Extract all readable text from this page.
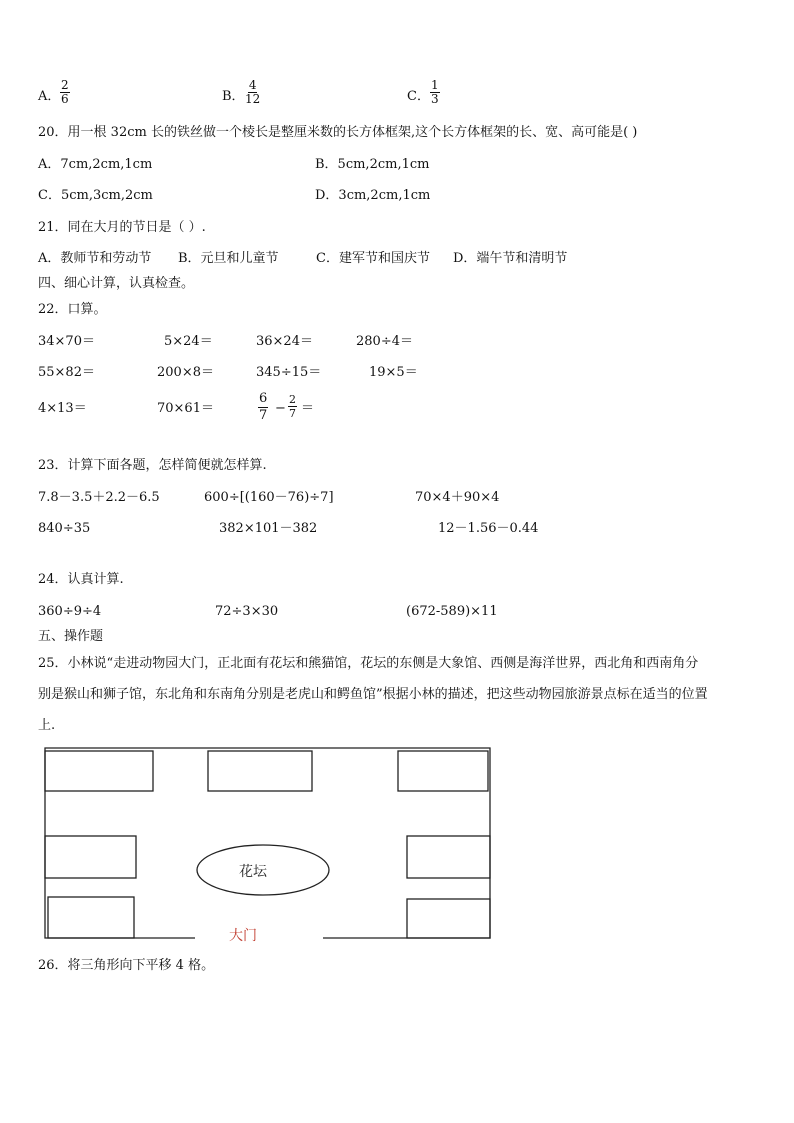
A． $\frac{2}{6}$	B． $\frac{4}{12}$	C． $\frac{1}{3}$
20．用一根 32cm 长的铁丝做一个棱长是整厘米数的长方体框架,这个长方体框架的长、宽、高可能是( )
A．7cm,2cm,1cm	B．5cm,2cm,1cm
C．5cm,3cm,2cm	D．3cm,2cm,1cm
21．同在大月的节日是（ ）.
A．教师节和劳动节 B．元旦和儿童节	C．建军节和国庆节 D．端午节和清明节
四、细心计算，认真检查。
22．口算。
34×70＝	5×24＝	36×24＝	280÷4＝
55×82＝	200×8＝	345÷15＝	19×5＝
4×13＝	70×61＝	$\frac{6}{7} - \frac{2}{7}$ ＝
23．计算下面各题，怎样简便就怎样算.
7.8－3.5＋2.2－6.5	600÷[(160－76)÷7]	70×4＋90×4
840÷35	382×101－382	12－1.56－0.44
24．认真计算.
360÷9÷4	72÷3×30	(672-589)×11
五、操作题
25．小林说“走进动物园大门，正北面有花坛和熊猫馆，花坛的东侧是大象馆、西侧是海洋世界，西北角和西南角分
别是猴山和狮子馆，东北角和东南角分别是老虎山和鳄鱼馆”根据小林的描述，把这些动物园旅游景点标在适当的位置
上.
花坛
大门
26．将三角形向下平移 4 格。
